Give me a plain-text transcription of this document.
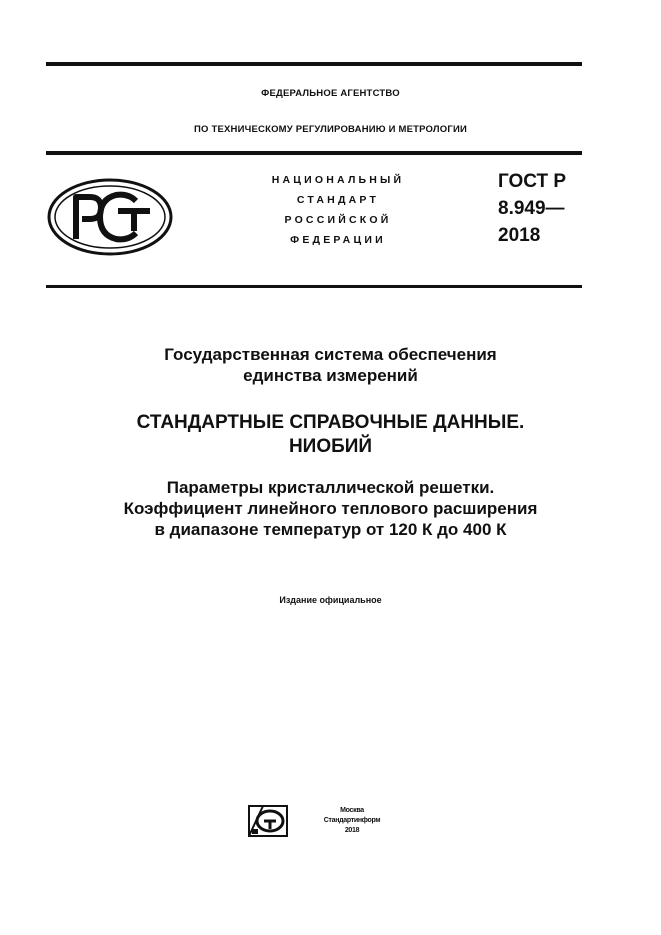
ФЕДЕРАЛЬНОЕ АГЕНТСТВО
ПО ТЕХНИЧЕСКОМУ РЕГУЛИРОВАНИЮ И МЕТРОЛОГИИ
НАЦИОНАЛЬНЫЙ
СТАНДАРТ
РОССИЙСКОЙ
ФЕДЕРАЦИИ
ГОСТ Р
8.949—
2018
Государственная система обеспечения
единства измерений
СТАНДАРТНЫЕ СПРАВОЧНЫЕ ДАННЫЕ.
НИОБИЙ
Параметры кристаллической решетки.
Коэффициент линейного теплового расширения
в диапазоне температур от 120 К до 400 К
Издание официальное
Москва
Стандартинформ
2018
